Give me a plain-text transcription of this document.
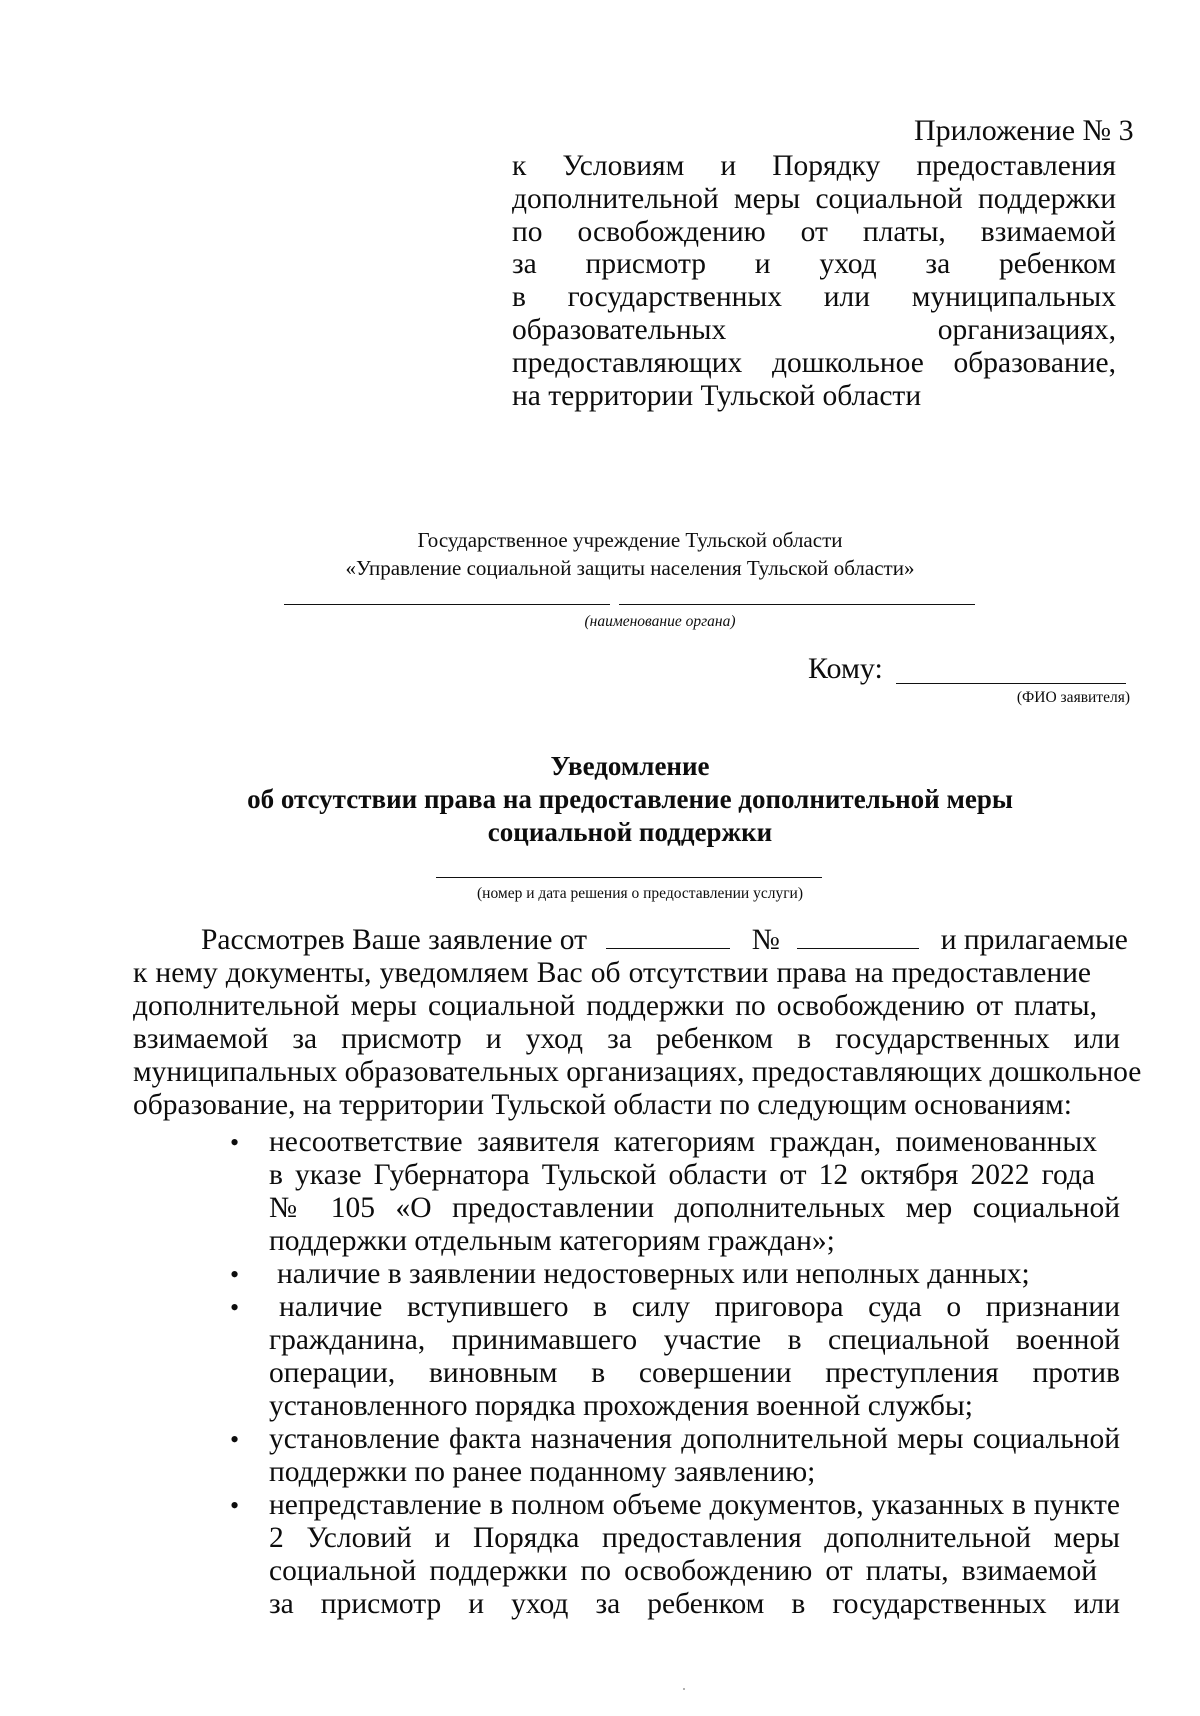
Приложение № 3
к Условиям и Порядку предоставления
дополнительной меры социальной поддержки
по освобождению от платы, взимаемой
за присмотр и уход за ребенком
в государственных или муниципальных
образовательных организациях,
предоставляющих дошкольное образование,
на территории Тульской области
Государственное учреждение Тульской области
«Управление социальной защиты населения Тульской области»
(наименование органа)
Кому:
(ФИО заявителя)
Уведомление
об отсутствии права на предоставление дополнительной меры
социальной поддержки
(номер и дата решения о предоставлении услуги)
Рассмотрев Ваше заявление от	№	и прилагаемые
к нему документы, уведомляем Вас об отсутствии права на предоставление
дополнительной меры социальной поддержки по освобождению от платы,
взимаемой за присмотр и уход за ребенком в государственных или
муниципальных образовательных организациях, предоставляющих дошкольное
образование, на территории Тульской области по следующим основаниям:
• несоответствие заявителя категориям граждан, поименованных
в указе Губернатора Тульской области от 12 октября 2022 года
№ 105 «О предоставлении дополнительных мер социальной
поддержки отдельным категориям граждан»;
• наличие в заявлении недостоверных или неполных данных;
•	наличие вступившего в силу приговора суда о признании
гражданина, принимавшего участие в специальной военной
операции, виновным в совершении преступления против
установленного порядка прохождения военной службы;
• установление факта назначения дополнительной меры социальной
поддержки по ранее поданному заявлению;
• непредставление в полном объеме документов, указанных в пункте
2 Условий и Порядка предоставления дополнительной меры
социальной поддержки по освобождению от платы, взимаемой
за присмотр и уход за ребенком в государственных или
